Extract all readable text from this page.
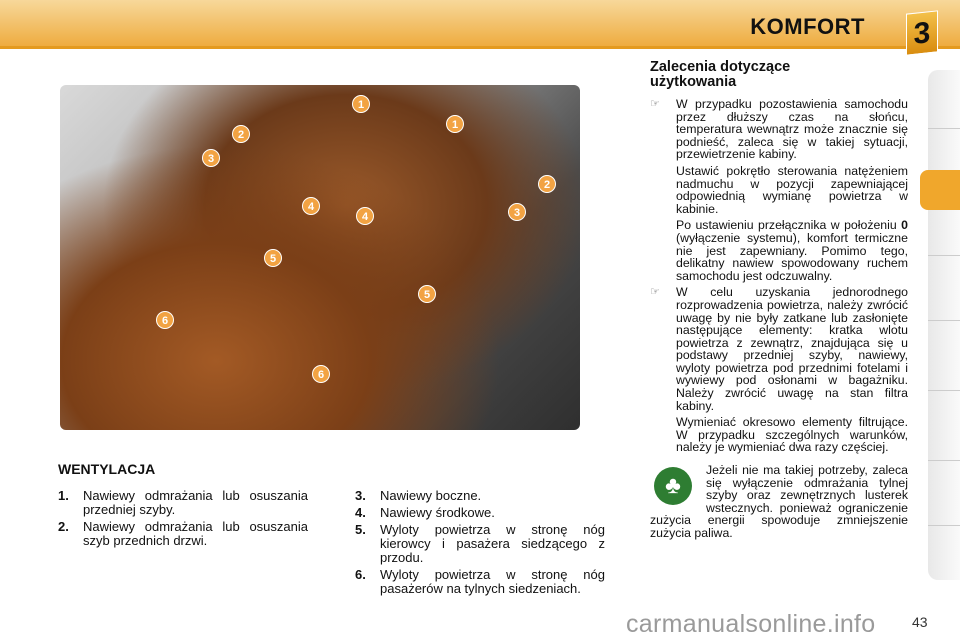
KOMFORT 3
1
1
2
2
3
3
4
4
5
5
6
6
Zalecenia dotyczące użytkowania
☞ W przypadku pozostawienia samochodu przez dłuższy czas na słońcu, temperatura wewnątrz może znacznie się podnieść, zaleca się w takiej sytuacji, przewietrzenie kabiny.
Ustawić pokrętło sterowania natężeniem nadmuchu w pozycji zapewniającej odpowiednią wymianę powietrza w kabinie.
Po ustawieniu przełącznika w położeniu 0 (wyłączenie systemu), komfort termiczne nie jest zapewniany. Pomimo tego, delikatny nawiew spowodowany ruchem samochodu jest odczuwalny.
☞ W celu uzyskania jednorodnego rozprowadzenia powietrza, należy zwrócić uwagę by nie były zatkane lub zasłonięte następujące elementy: kratka wlotu powietrza z zewnątrz, znajdująca się u podstawy przedniej szyby, nawiewy, wyloty powietrza pod przednimi fotelami i wywiewy pod osłonami w bagażniku. Należy zwrócić uwagę na stan filtra kabiny.
Wymieniać okresowo elementy filtrujące. W przypadku szczególnych warunków, należy je wymieniać dwa razy częściej.
♣
Jeżeli nie ma takiej potrzeby, zaleca się wyłączenie odmrażania tylnej szyby oraz zewnętrznych lusterek wstecznych. ponieważ ograniczenie zużycia energii spowoduje zmniejszenie zużycia paliwa.
WENTYLACJA
1. Nawiewy odmrażania lub osuszania przedniej szyby.
2. Nawiewy odmrażania lub osuszania szyb przednich drzwi.
3. Nawiewy boczne.
4. Nawiewy środkowe.
5. Wyloty powietrza w stronę nóg kierowcy i pasażera siedzącego z przodu.
6. Wyloty powietrza w stronę nóg pasażerów na tylnych siedzeniach.
carmanualsonline.info	43
